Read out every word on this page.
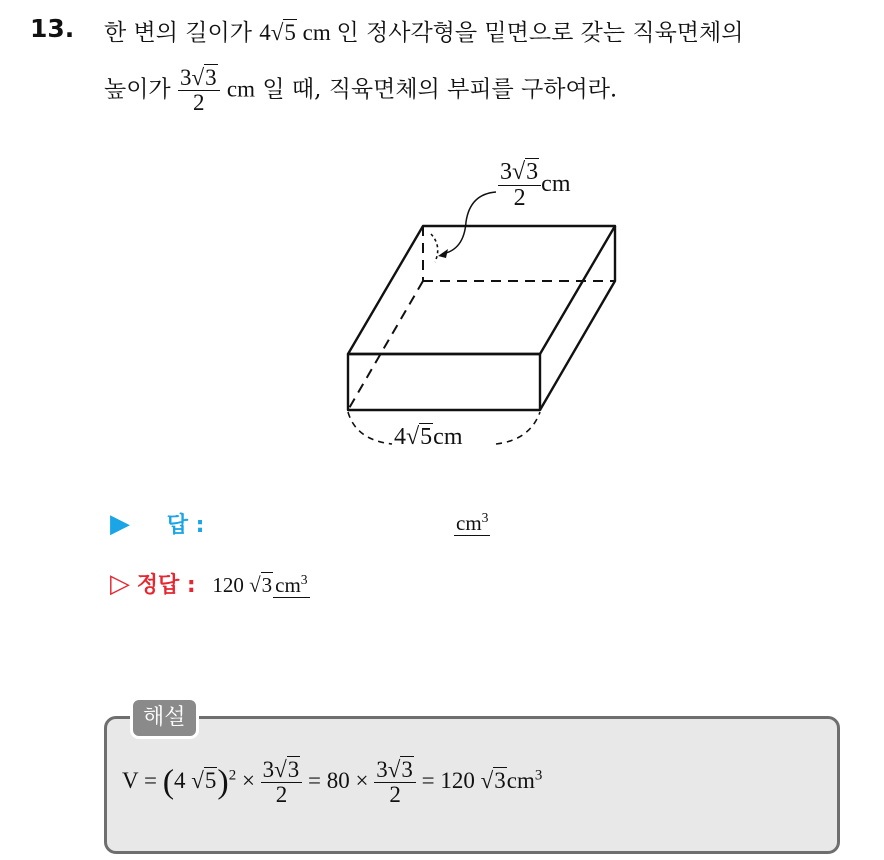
13. 한 변의 길이가 4√5 cm 인 정사각형을 밑면으로 갖는 직육면체의
높이가 $\frac{3√3}{2}$ cm 일 때, 직육면체의 부피를 구하여라.
$\frac{3√3}{2}$ cm
4√5cm
▶ 답 :	$cm^3$
▷ 정답 : 120 √3 $cm^3$
해설
V = (4 $√5)^2 \times \frac{3√3}{2} = 80 \times \frac{3√3}{2} = 120$ $√3cm^3$
